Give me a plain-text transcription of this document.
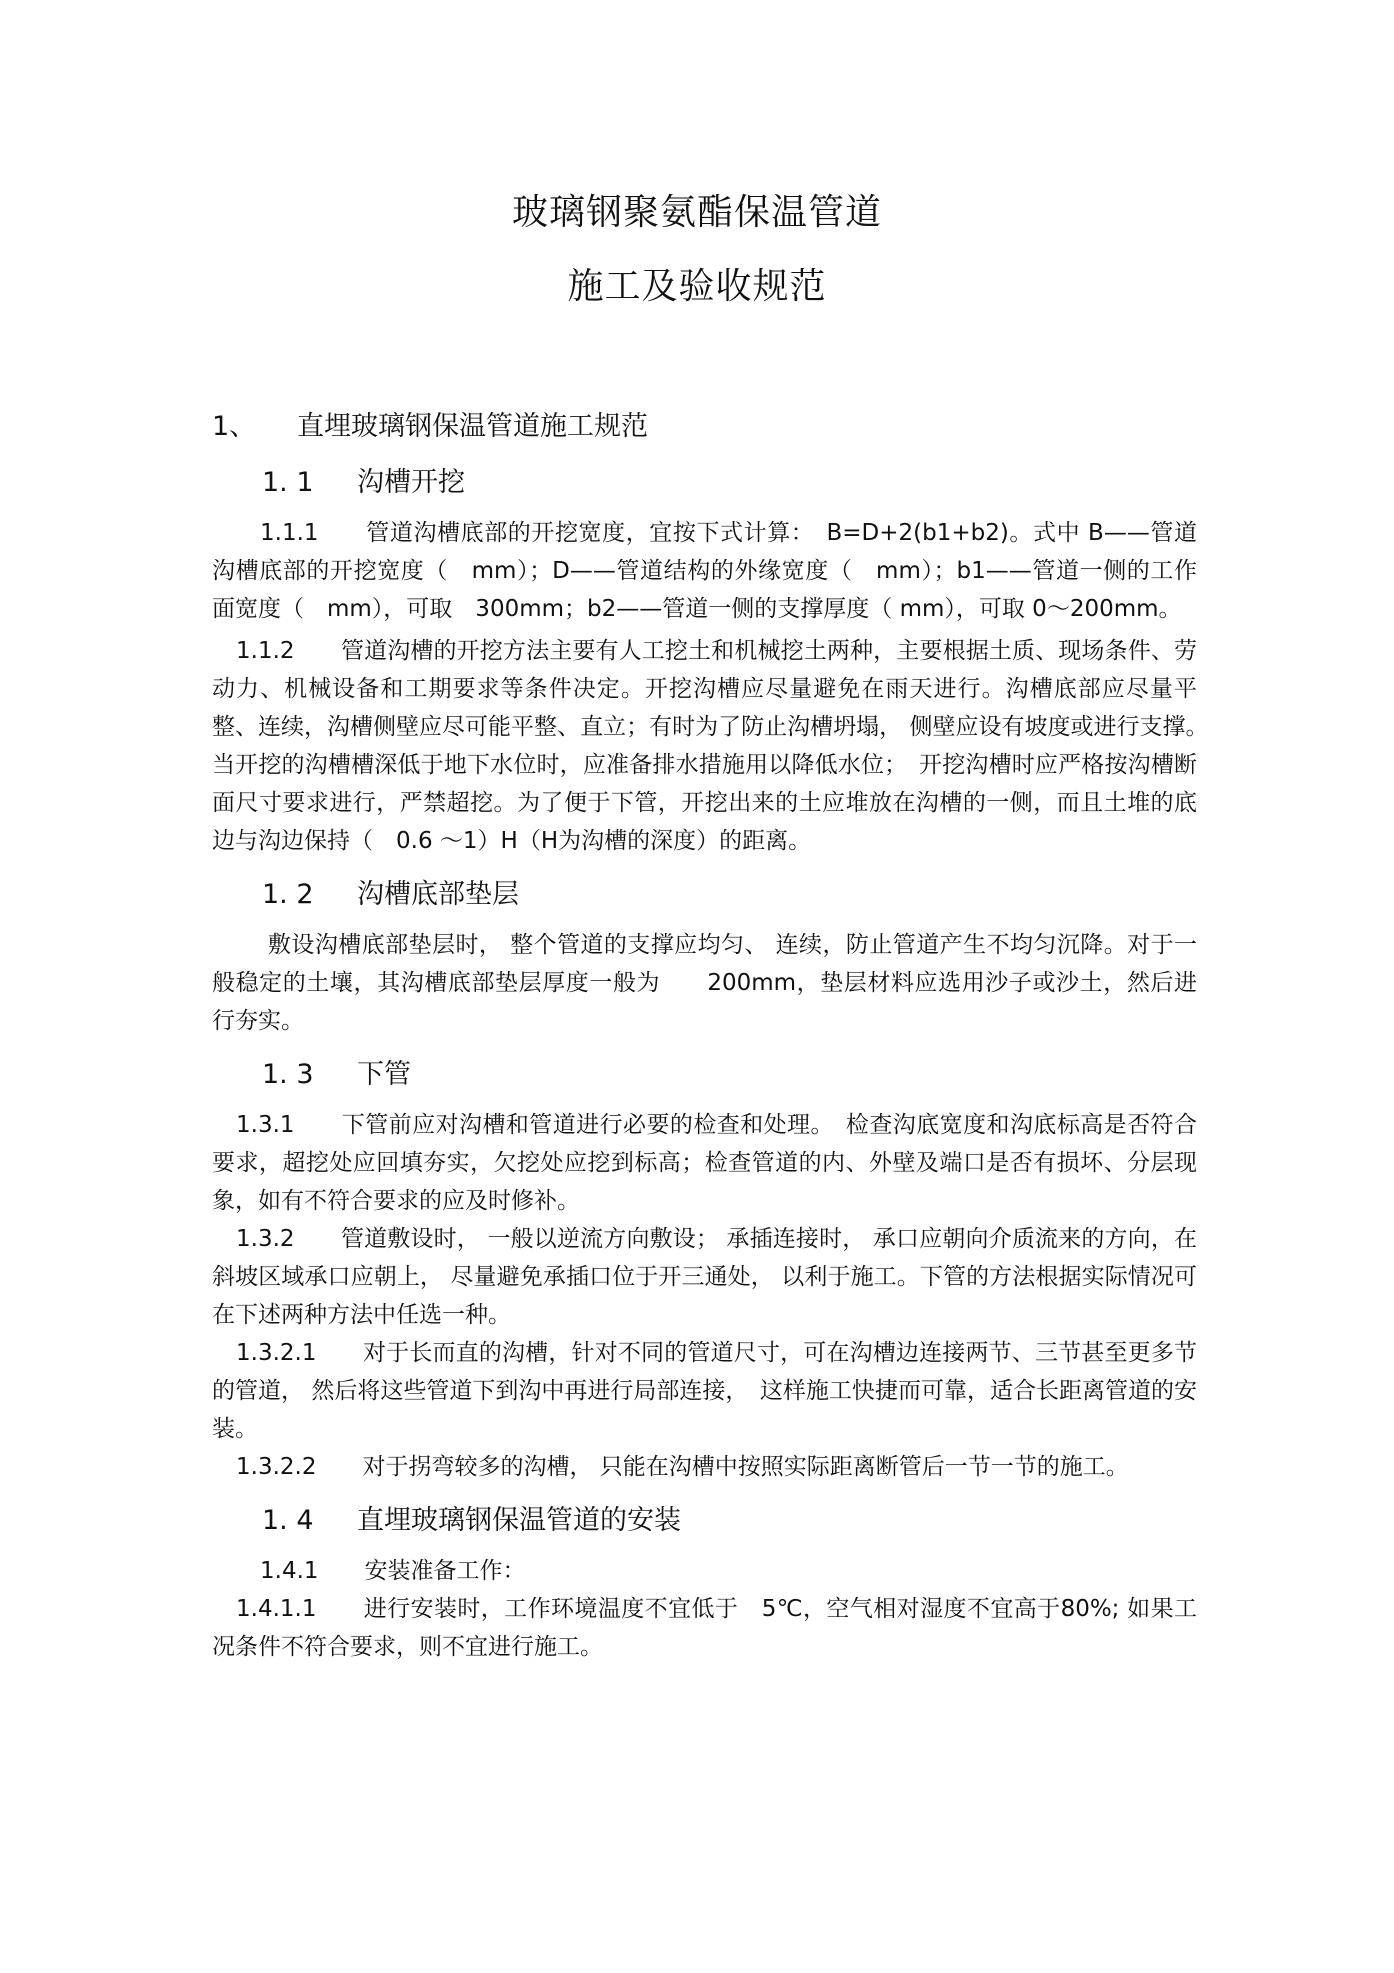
玻璃钢聚氨酯保温管道
施工及验收规范
1、	直埋玻璃钢保温管道施工规范
1. 1	沟槽开挖

1.1.1　　管道沟槽底部的开挖宽度，宜按下式计算：　B=D+2(b1+b2)。式中 B——管道沟槽底部的开挖宽度（　mm）；D——管道结构的外缘宽度（　mm）；b1——管道一侧的工作面宽度（　mm），可取　300mm；b2——管道一侧的支撑厚度（ mm），可取 0～200mm。

1.1.2　　管道沟槽的开挖方法主要有人工挖土和机械挖土两种，主要根据土质、现场条件、劳动力、机械设备和工期要求等条件决定。开挖沟槽应尽量避免在雨天进行。沟槽底部应尽量平整、连续，沟槽侧壁应尽可能平整、直立；有时为了防止沟槽坍塌， 侧壁应设有坡度或进行支撑。　当开挖的沟槽槽深低于地下水位时，应准备排水措施用以降低水位；　开挖沟槽时应严格按沟槽断面尺寸要求进行，严禁超挖。为了便于下管，开挖出来的土应堆放在沟槽的一侧，而且土堆的底边与沟边保持（　0.6 ～1）H（H为沟槽的深度）的距离。

1. 2	沟槽底部垫层

敷设沟槽底部垫层时， 整个管道的支撑应均匀、 连续，防止管道产生不均匀沉降。对于一般稳定的土壤，其沟槽底部垫层厚度一般为　　200mm，垫层材料应选用沙子或沙土，然后进行夯实。

1. 3	下管

1.3.1　　下管前应对沟槽和管道进行必要的检查和处理。　检查沟底宽度和沟底标高是否符合要求，超挖处应回填夯实，欠挖处应挖到标高；检查管道的内、外壁及端口是否有损坏、分层现象，如有不符合要求的应及时修补。

1.3.2　　管道敷设时， 一般以逆流方向敷设； 承插连接时， 承口应朝向介质流来的方向，在斜坡区域承口应朝上， 尽量避免承插口位于开三通处， 以利于施工。下管的方法根据实际情况可在下述两种方法中任选一种。

1.3.2.1　　对于长而直的沟槽，针对不同的管道尺寸，可在沟槽边连接两节、三节甚至更多节的管道， 然后将这些管道下到沟中再进行局部连接，　这样施工快捷而可靠，适合长距离管道的安装。

1.3.2.2　　对于拐弯较多的沟槽， 只能在沟槽中按照实际距离断管后一节一节的施工。

1. 4	直埋玻璃钢保温管道的安装

1.4.1　　安装准备工作：

1.4.1.1　　进行安装时，工作环境温度不宜低于　5℃，空气相对湿度不宜高于80%; 如果工况条件不符合要求，则不宜进行施工。
